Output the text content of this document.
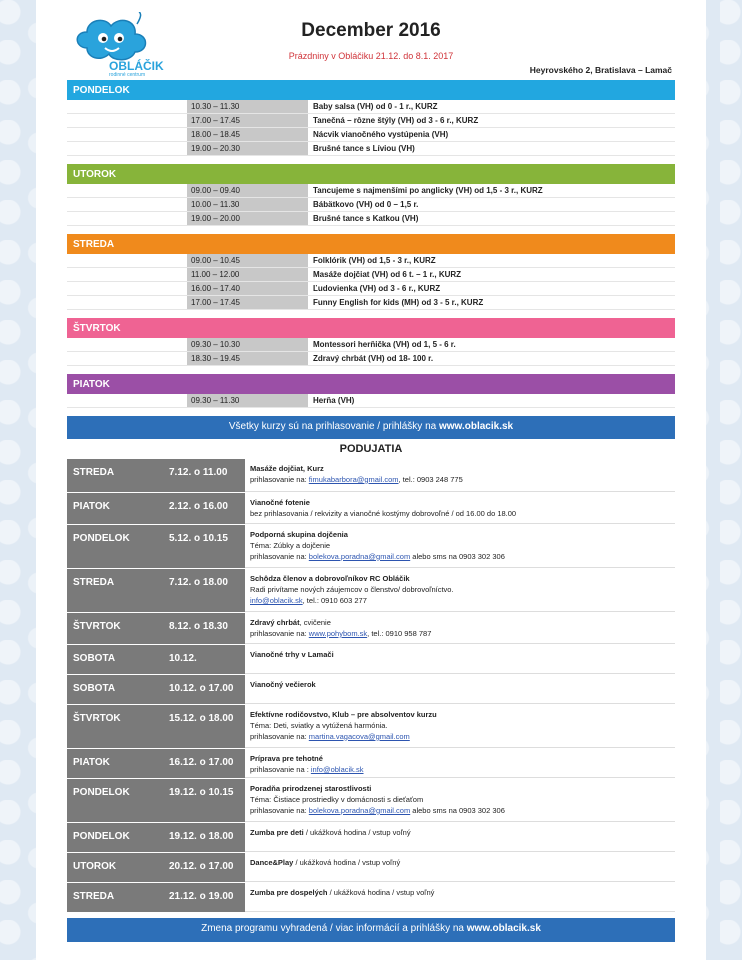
OBLÁČIK
rodinné centrum
December 2016
Prázdniny v Obláčiku 21.12. do 8.1. 2017
Heyrovského 2, Bratislava – Lamač
PONDELOK
10.30 – 11.30	Baby salsa (VH) od 0 - 1 r., KURZ
17.00 – 17.45	Tanečná – rôzne štýly (VH) od 3 - 6 r., KURZ
18.00 – 18.45	Nácvik vianočného vystúpenia (VH)
19.00 – 20.30	Brušné tance s Líviou (VH)
UTOROK
09.00 – 09.40	Tancujeme s najmenšími po anglicky (VH) od 1,5 - 3 r., KURZ
10.00 – 11.30	Bábätkovo (VH) od 0 – 1,5 r.
19.00 – 20.00	Brušné tance s Katkou (VH)
STREDA
09.00 – 10.45	Folklórik (VH) od 1,5 - 3 r., KURZ
11.00 – 12.00	Masáže dojčiat (VH) od 6 t. – 1 r., KURZ
16.00 – 17.40	Ľudovienka (VH) od 3 - 6 r., KURZ
17.00 – 17.45	Funny English for kids (MH) od 3 - 5 r., KURZ
ŠTVRTOK
09.30 – 10.30	Montessori herňička (VH) od 1, 5 - 6 r.
18.30 – 19.45	Zdravý chrbát (VH) od 18- 100 r.
PIATOK
09.30 – 11.30	Herňa (VH)
Všetky kurzy sú na prihlasovanie / prihlášky na www.oblacik.sk
PODUJATIA
STREDA	7.12. o 11.00	Masáže dojčiat, Kurz
prihlasovanie na: fimukabarbora@gmail.com, tel.: 0903 248 775
PIATOK	2.12. o 16.00	Vianočné fotenie
bez prihlasovania / rekvizity a vianočné kostýmy dobrovoľné / od 16.00 do 18.00
PONDELOK	5.12. o 10.15	Podporná skupina dojčenia
Téma: Zúbky a dojčenie
prihlasovanie na: bolekova.poradna@gmail.com alebo sms na 0903 302 306
STREDA	7.12. o 18.00	Schôdza členov a dobrovoľníkov RC Obláčik
Radi privítame nových záujemcov o členstvo/ dobrovoľníctvo.
info@oblacik.sk, tel.: 0910 603 277
ŠTVRTOK	8.12. o 18.30	Zdravý chrbát, cvičenie
prihlasovanie na: www.pohybom.sk, tel.: 0910 958 787
SOBOTA	10.12.	Vianočné trhy v Lamači
SOBOTA	10.12. o 17.00 Vianočný večierok
ŠTVRTOK	15.12. o 18.00 Efektívne rodičovstvo, Klub – pre absolventov kurzu
Téma: Deti, sviatky a vytúžená harmónia.
prihlasovanie na: martina.vagacova@gmail.com
PIATOK	16.12. o 17.00 Príprava pre tehotné
prihlasovanie na : info@oblacik.sk
PONDELOK	19.12. o 10.15 Poradňa prirodzenej starostlivosti
Téma: Čistiace prostriedky v domácnosti s dieťaťom
prihlasovanie na: bolekova.poradna@gmail.com alebo sms na 0903 302 306
PONDELOK	19.12. o 18.00 Zumba pre deti / ukážková hodina / vstup voľný
UTOROK	20.12. o 17.00 Dance&Play / ukážková hodina / vstup voľný
STREDA	21.12. o 19.00 Zumba pre dospelých / ukážková hodina / vstup voľný
Zmena programu vyhradená / viac informácií a prihlášky na www.oblacik.sk
